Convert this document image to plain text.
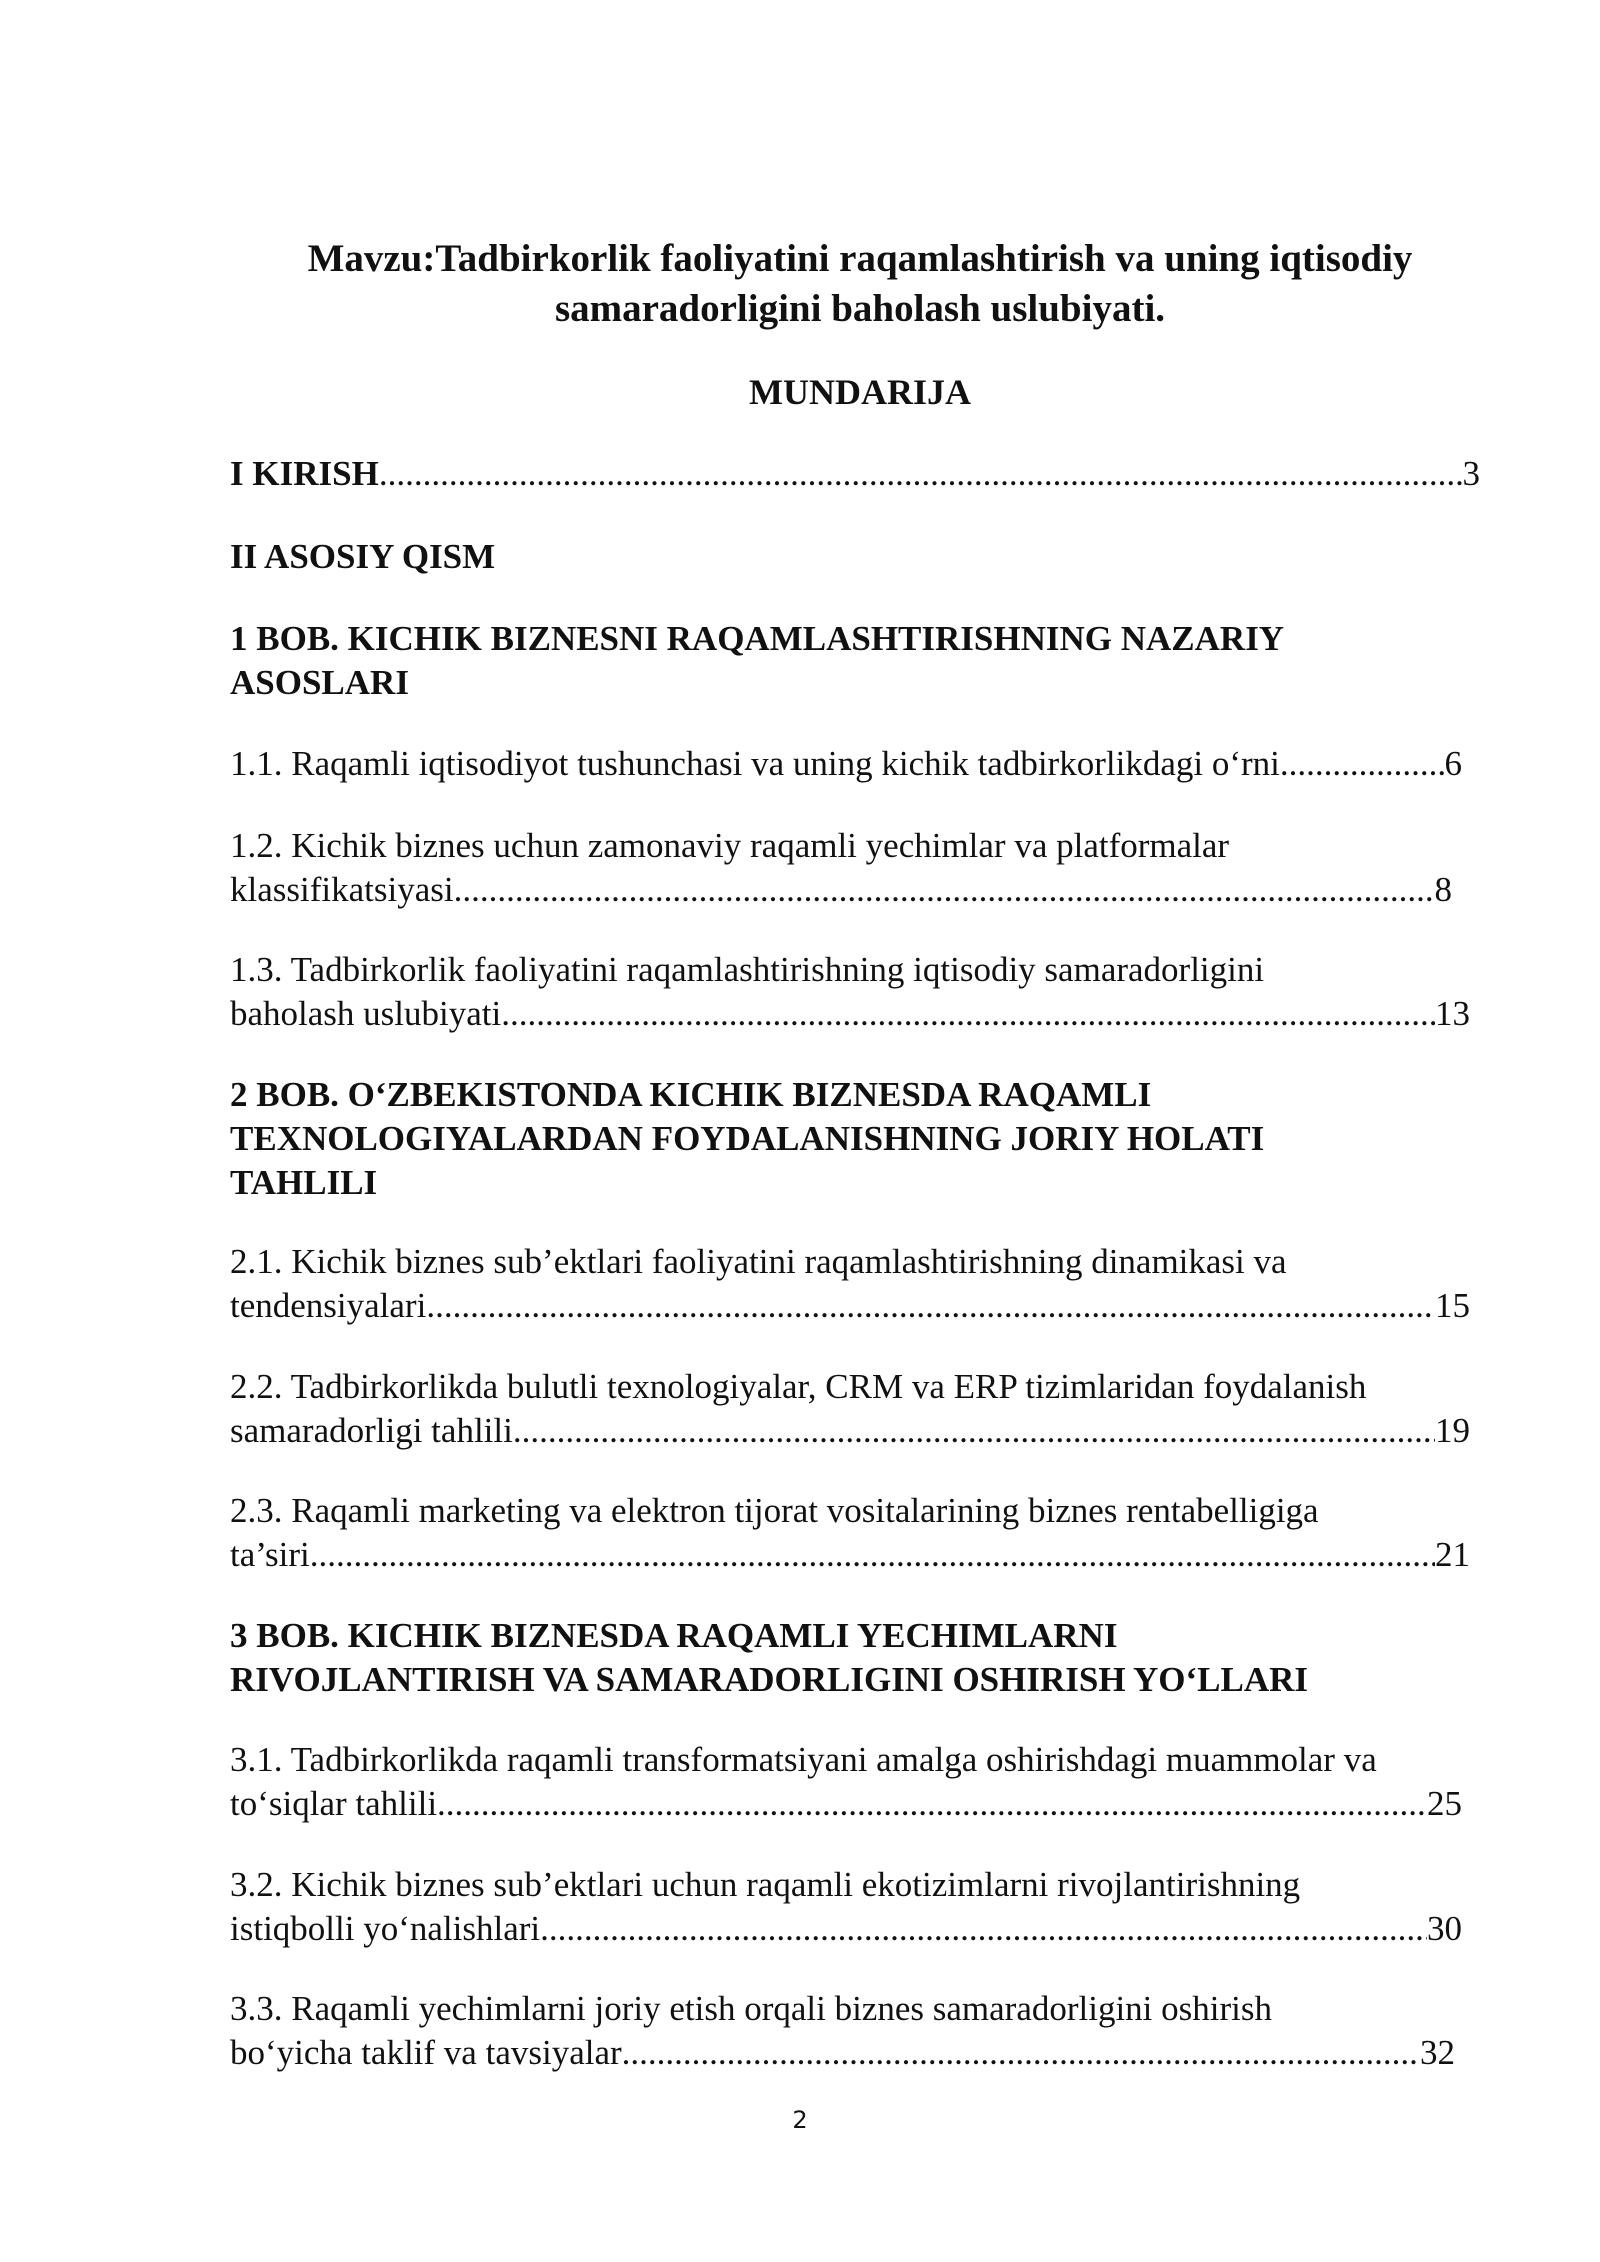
Mavzu:Tadbirkorlik faoliyatini raqamlashtirish va uning iqtisodiy
samaradorligini baholash uslubiyati.
MUNDARIJA
I KIRISH .....	3
II ASOSIY QISM
1 BOB. KICHIK BIZNESNI RAQAMLASHTIRISHNING NAZARIY
ASOSLARI
1.1. Raqamli iqtisodiyot tushunchasi va uning kichik tadbirkorlikdagi o‘rni .....	6
1.2. Kichik biznes uchun zamonaviy raqamli yechimlar va platformalar
klassifikatsiyasi .....	8
1.3. Tadbirkorlik faoliyatini raqamlashtirishning iqtisodiy samaradorligini
baholash uslubiyati .....	13
2 BOB. O‘ZBEKISTONDA KICHIK BIZNESDA RAQAMLI
TEXNOLOGIYALARDAN FOYDALANISHNING JORIY HOLATI
TAHLILI
2.1. Kichik biznes sub’ektlari faoliyatini raqamlashtirishning dinamikasi va
tendensiyalari .....	15
2.2. Tadbirkorlikda bulutli texnologiyalar, CRM va ERP tizimlaridan foydalanish
samaradorligi tahlili .....	19
2.3. Raqamli marketing va elektron tijorat vositalarining biznes rentabelligiga
ta’siri .....	21
3 BOB. KICHIK BIZNESDA RAQAMLI YECHIMLARNI
RIVOJLANTIRISH VA SAMARADORLIGINI OSHIRISH YO‘LLARI
3.1. Tadbirkorlikda raqamli transformatsiyani amalga oshirishdagi muammolar va
to‘siqlar tahlili .....	25
3.2. Kichik biznes sub’ektlari uchun raqamli ekotizimlarni rivojlantirishning
istiqbolli yo‘nalishlari .....	30
3.3. Raqamli yechimlarni joriy etish orqali biznes samaradorligini oshirish
bo‘yicha taklif va tavsiyalar .....	32
2
